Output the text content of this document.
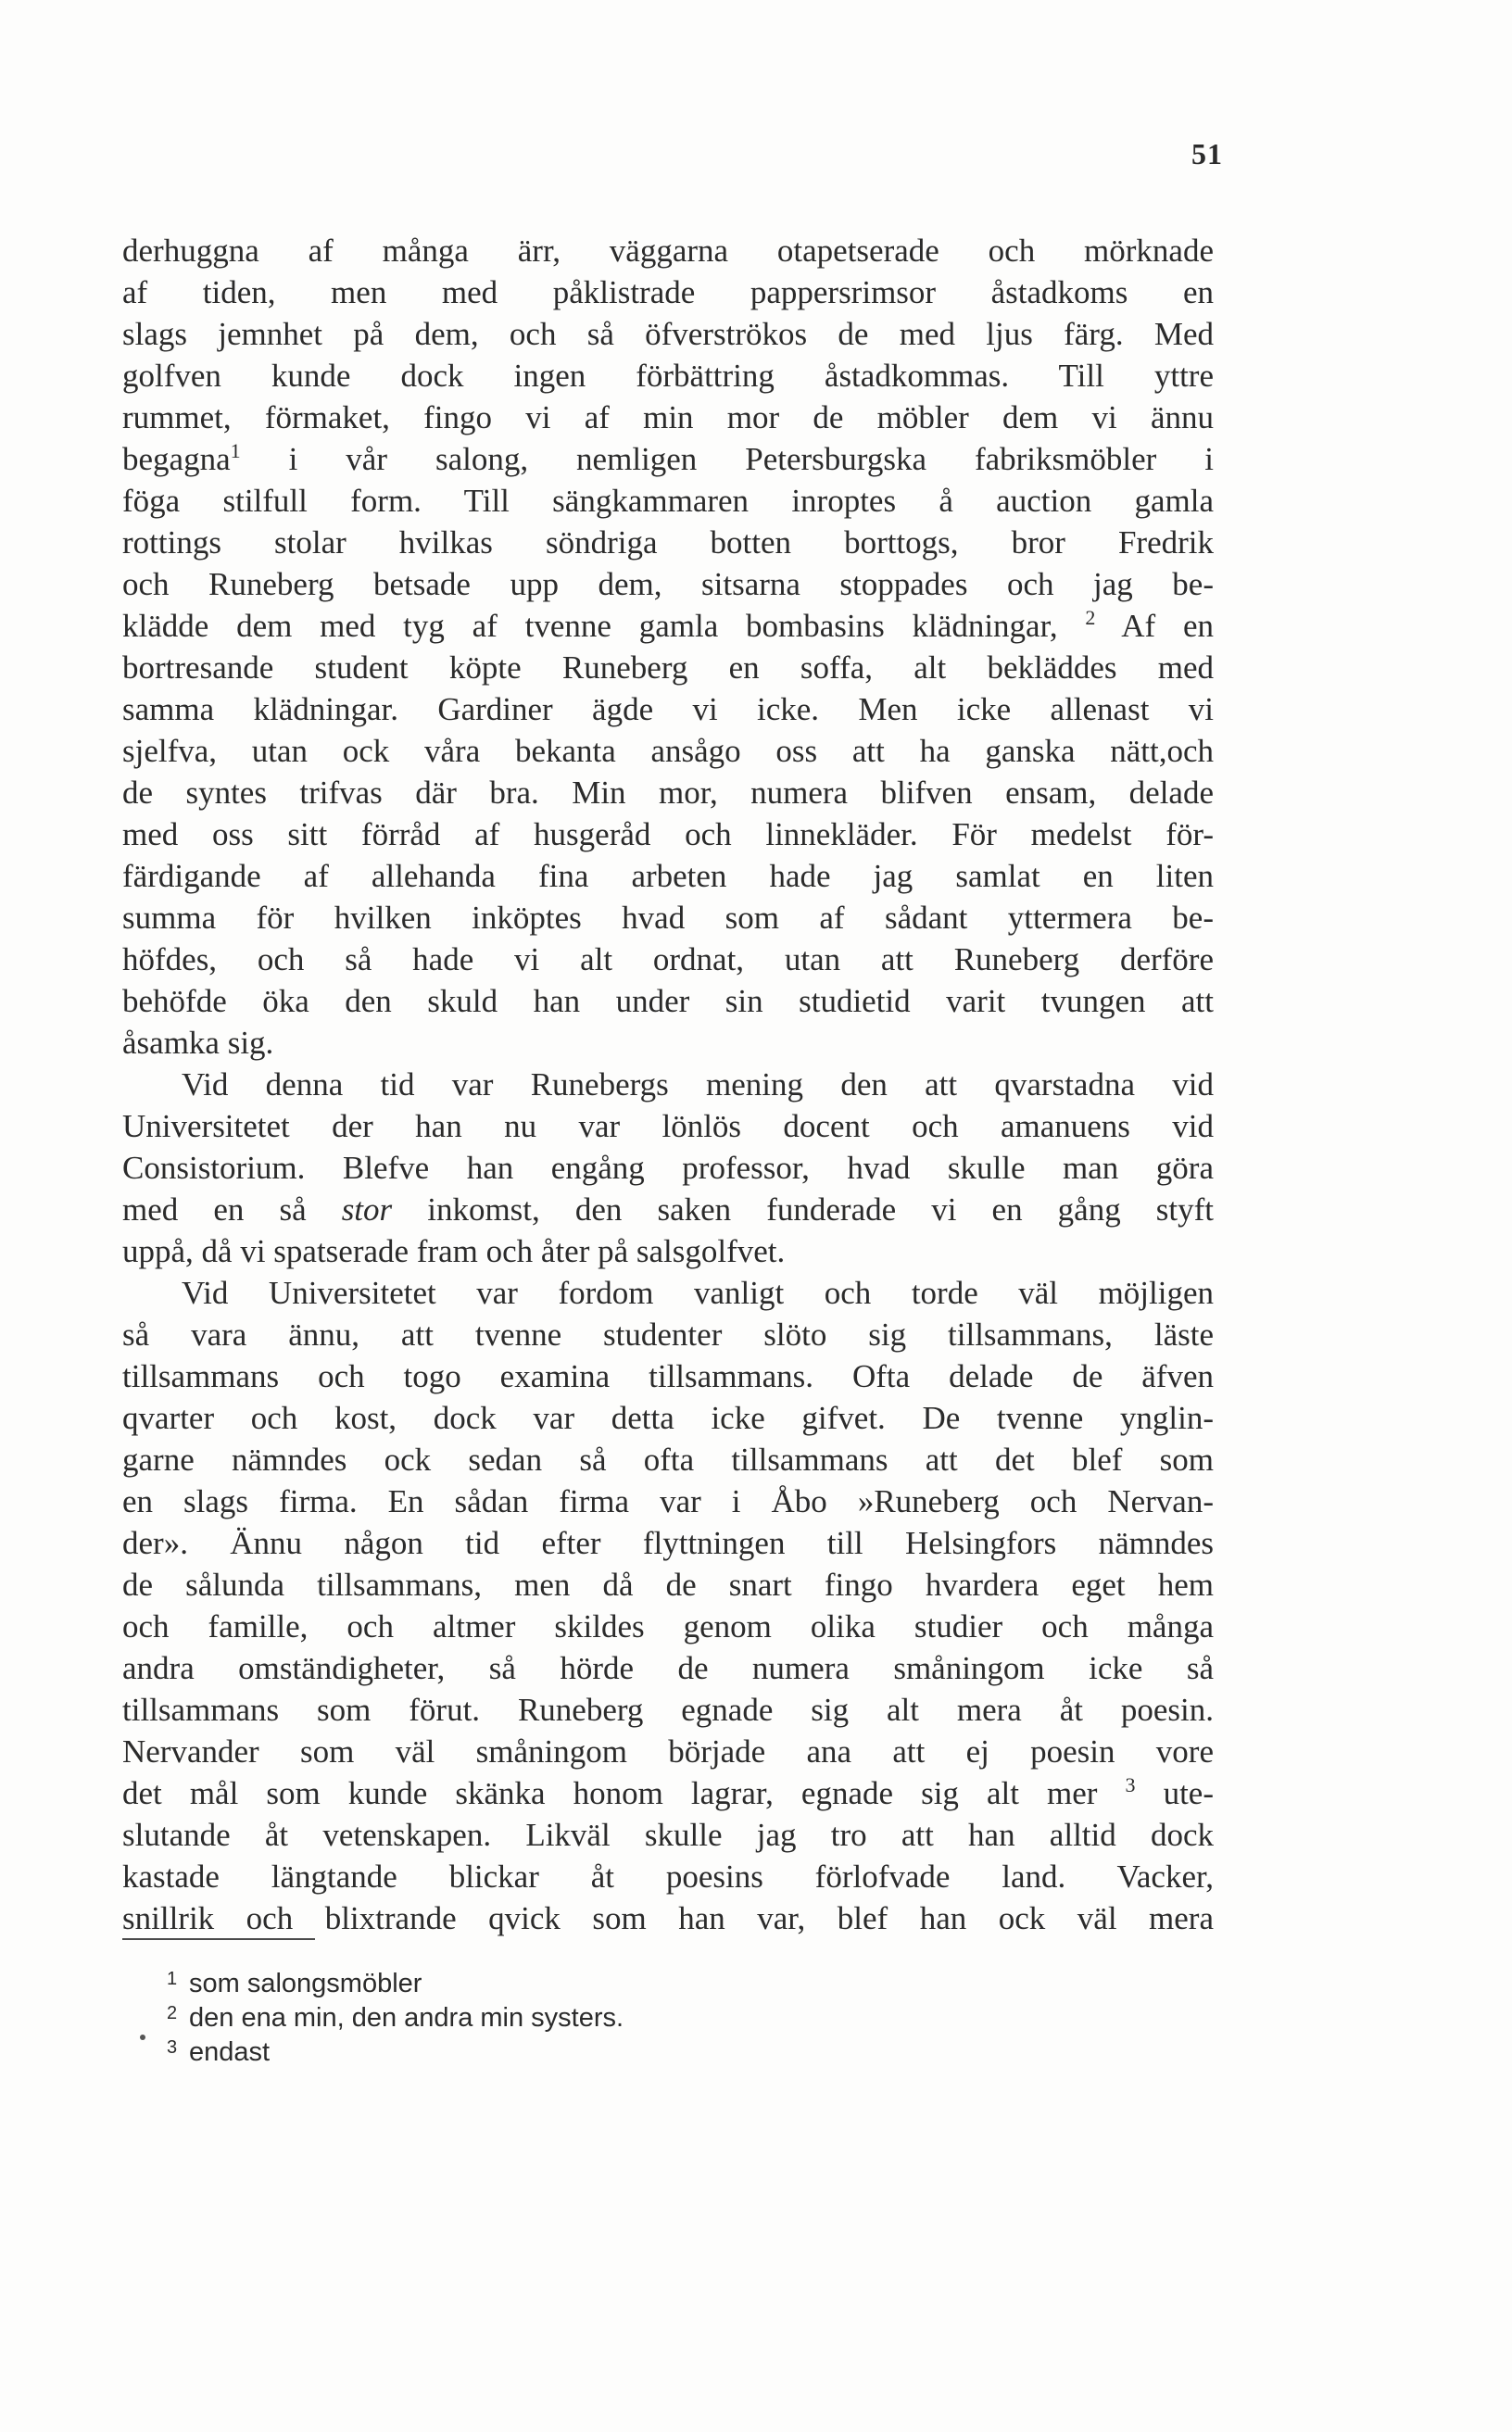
51
derhuggna af många ärr, väggarna otapetserade och mörknade
af tiden, men med påklistrade pappersrimsor åstadkoms en
slags jemnhet på dem, och så öfverströkos de med ljus färg. Med
golfven kunde dock ingen förbättring åstadkommas. Till yttre
rummet, förmaket, fingo vi af min mor de möbler dem vi ännu
begagna$^1$ i vår salong, nemligen Petersburgska fabriksmöbler i
föga stilfull form. Till sängkammaren inroptes å auction gamla
rottings stolar hvilkas söndriga botten borttogs, bror Fredrik
och Runeberg betsade upp dem, sitsarna stoppades och jag be-
klädde dem med tyg af tvenne gamla bombasins klädningar, $^2$ Af en
bortresande student köpte Runeberg en soffa, alt bekläddes med
samma klädningar. Gardiner ägde vi icke. Men icke allenast vi
sjelfva, utan ock våra bekanta ansågo oss att ha ganska nätt,och
de syntes trifvas där bra. Min mor, numera blifven ensam, delade
med oss sitt förråd af husgeråd och linnekläder. För medelst för-
färdigande af allehanda fina arbeten hade jag samlat en liten
summa för hvilken inköptes hvad som af sådant yttermera be-
höfdes, och så hade vi alt ordnat, utan att Runeberg derföre
behöfde öka den skuld han under sin studietid varit tvungen att
åsamka sig.
Vid denna tid var Runebergs mening den att qvarstadna vid
Universitetet der han nu var lönlös docent och amanuens vid
Consistorium. Blefve han engång professor, hvad skulle man göra
med en så stor inkomst, den saken funderade vi en gång styft
uppå, då vi spatserade fram och åter på salsgolfvet.
Vid Universitetet var fordom vanligt och torde väl möjligen
så vara ännu, att tvenne studenter slöto sig tillsammans, läste
tillsammans och togo examina tillsammans. Ofta delade de äfven
qvarter och kost, dock var detta icke gifvet. De tvenne ynglin-
garne nämndes ock sedan så ofta tillsammans att det blef som
en slags firma. En sådan firma var i Åbo »Runeberg och Nervan-
der». Ännu någon tid efter flyttningen till Helsingfors nämndes
de sålunda tillsammans, men då de snart fingo hvardera eget hem
och famille, och altmer skildes genom olika studier och många
andra omständigheter, så hörde de numera småningom icke så
tillsammans som förut. Runeberg egnade sig alt mera åt poesin.
Nervander som väl småningom började ana att ej poesin vore
det mål som kunde skänka honom lagrar, egnade sig alt mer $^3$ ute-
slutande åt vetenskapen. Likväl skulle jag tro att han alltid dock
kastade längtande blickar åt poesins förlofvade land. Vacker,
snillrik och blixtrande qvick som han var, blef han ock väl mera
1 som salongsmöbler
2 den ena min, den andra min systers.
3 endast
